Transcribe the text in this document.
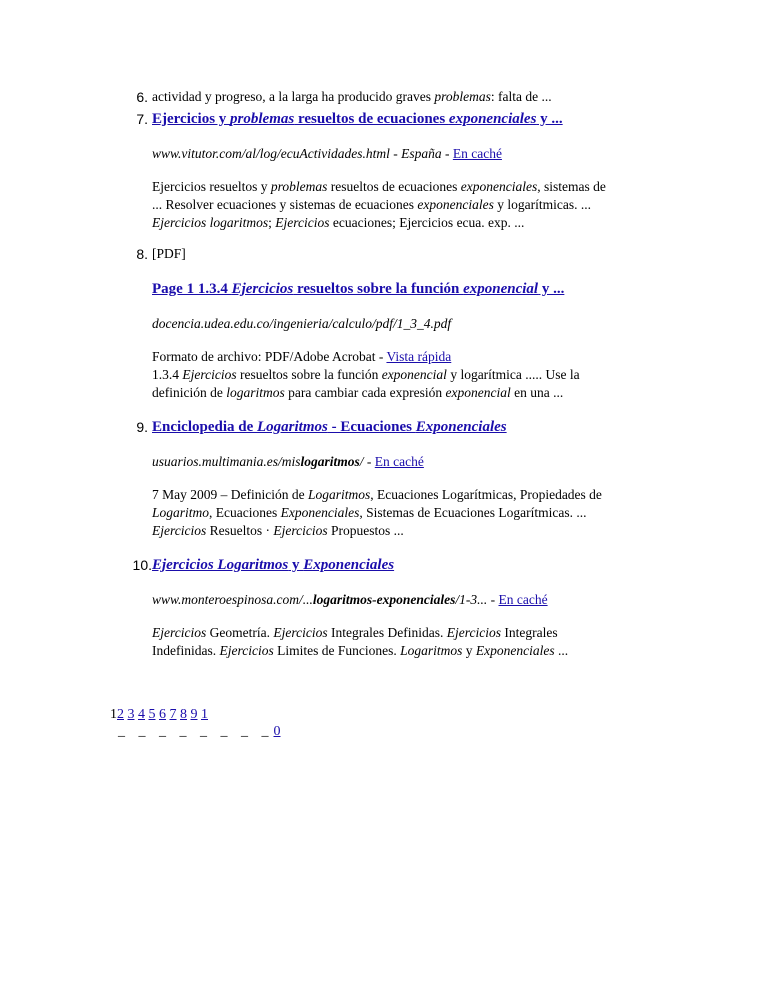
6. actividad y progreso, a la larga ha producido graves problemas: falta de ...
7. Ejercicios y problemas resueltos de ecuaciones exponenciales y ...
www.vitutor.com/al/log/ecuActividades.html - España - En caché
Ejercicios resueltos y problemas resueltos de ecuaciones exponenciales, sistemas de
... Resolver ecuaciones y sistemas de ecuaciones exponenciales y logarítmicas. ...
Ejercicios logaritmos; Ejercicios ecuaciones; Ejercicios ecua. exp. ...
8. [PDF]
Page 1 1.3.4 Ejercicios resueltos sobre la función exponencial y ...
docencia.udea.edu.co/ingenieria/calculo/pdf/1_3_4.pdf
Formato de archivo: PDF/Adobe Acrobat - Vista rápida
1.3.4 Ejercicios resueltos sobre la función exponencial y logarítmica ..... Use la
definición de logaritmos para cambiar cada expresión exponencial en una ...
9. Enciclopedia de Logaritmos - Ecuaciones Exponenciales
usuarios.multimania.es/mislogaritmos/ - En caché
7 May 2009 – Definición de Logaritmos, Ecuaciones Logarítmicas, Propiedades de
Logaritmo, Ecuaciones Exponenciales, Sistemas de Ecuaciones Logarítmicas. ...
Ejercicios Resueltos · Ejercicios Propuestos ...
10. Ejercicios Logaritmos y Exponenciales
www.monteroespinosa.com/...logaritmos-exponenciales/1-3... - En caché
Ejercicios Geometría. Ejercicios Integrales Definidas. Ejercicios Integrales
Indefinidas. Ejercicios Limites de Funciones. Logaritmos y Exponenciales ...
12 3 4 5 6 7 8 9 1
_ _ _ _ _ _ _ _0
